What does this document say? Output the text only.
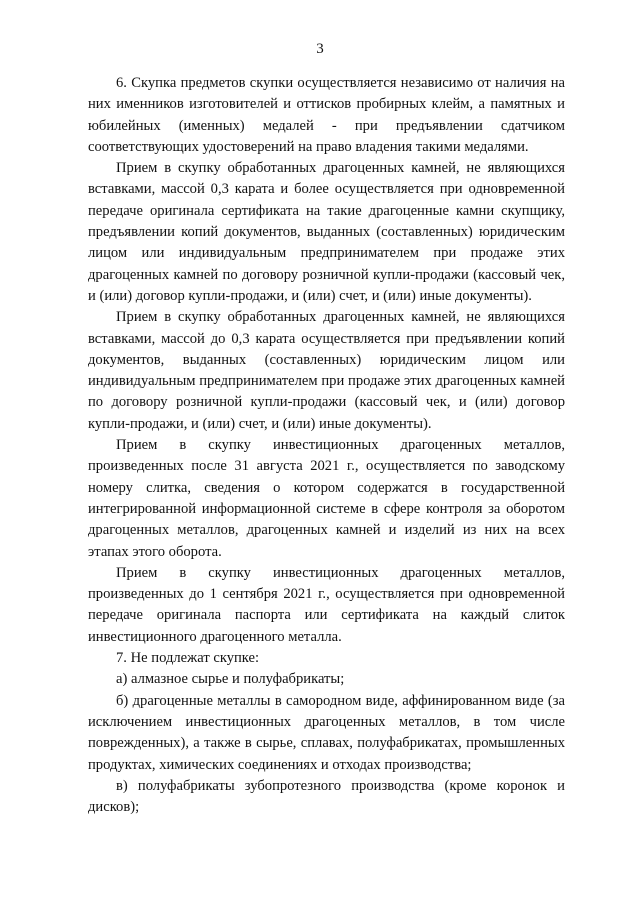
3

6. Скупка предметов скупки осуществляется независимо от наличия на них именников изготовителей и оттисков пробирных клейм, а памятных и юбилейных (именных) медалей - при предъявлении сдатчиком соответствующих удостоверений на право владения такими медалями.

Прием в скупку обработанных драгоценных камней, не являющихся вставками, массой 0,3 карата и более осуществляется при одновременной передаче оригинала сертификата на такие драгоценные камни скупщику, предъявлении копий документов, выданных (составленных) юридическим лицом или индивидуальным предпринимателем при продаже этих драгоценных камней по договору розничной купли-продажи (кассовый чек, и (или) договор купли-продажи, и (или) счет, и (или) иные документы).

Прием в скупку обработанных драгоценных камней, не являющихся вставками, массой до 0,3 карата осуществляется при предъявлении копий документов, выданных (составленных) юридическим лицом или индивидуальным предпринимателем при продаже этих драгоценных камней по договору розничной купли-продажи (кассовый чек, и (или) договор купли-продажи, и (или) счет, и (или) иные документы).

Прием в скупку инвестиционных драгоценных металлов, произведенных после 31 августа 2021 г., осуществляется по заводскому номеру слитка, сведения о котором содержатся в государственной интегрированной информационной системе в сфере контроля за оборотом драгоценных металлов, драгоценных камней и изделий из них на всех этапах этого оборота.

Прием в скупку инвестиционных драгоценных металлов, произведенных до 1 сентября 2021 г., осуществляется при одновременной передаче оригинала паспорта или сертификата на каждый слиток инвестиционного драгоценного металла.

7. Не подлежат скупке:

а) алмазное сырье и полуфабрикаты;

б) драгоценные металлы в самородном виде, аффинированном виде (за исключением инвестиционных драгоценных металлов, в том числе поврежденных), а также в сырье, сплавах, полуфабрикатах, промышленных продуктах, химических соединениях и отходах производства;

в) полуфабрикаты зубопротезного производства (кроме коронок и дисков);
